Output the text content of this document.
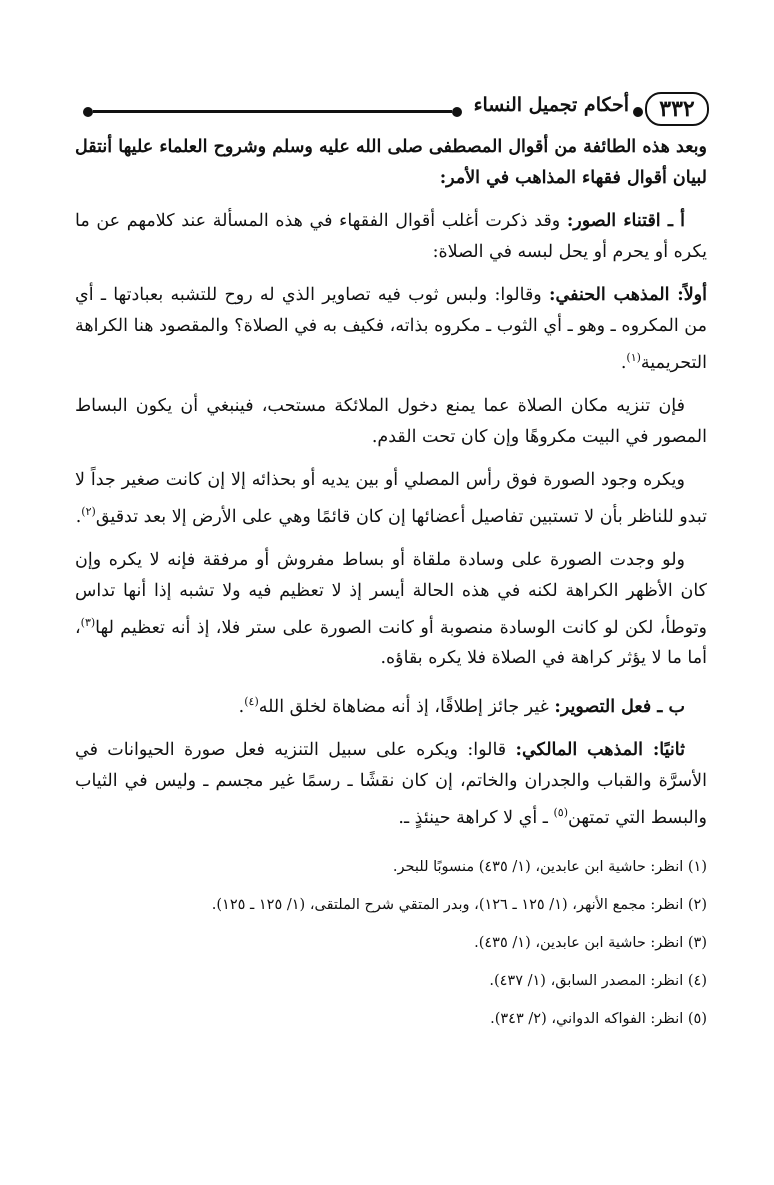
٣٣٢
أحكام تجميل النساء

وبعد هذه الطائفة من أقوال المصطفى صلى الله عليه وسلم وشروح العلماء عليها أنتقل لبيان أقوال فقهاء المذاهب في الأمر:

أ ـ اقتناء الصور: وقد ذكرت أغلب أقوال الفقهاء في هذه المسألة عند كلامهم عن ما يكره أو يحرم أو يحل لبسه في الصلاة:

أولاً: المذهب الحنفي: وقالوا: ولبس ثوب فيه تصاوير الذي له روح للتشبه بعبادتها ـ أي من المكروه ـ وهو ـ أي الثوب ـ مكروه بذاته، فكيف به في الصلاة؟ والمقصود هنا الكراهة التحريمية$^{(١)}$.

فإن تنزيه مكان الصلاة عما يمنع دخول الملائكة مستحب، فينبغي أن يكون البساط المصور في البيت مكروهًا وإن كان تحت القدم.

ويكره وجود الصورة فوق رأس المصلي أو بين يديه أو بحذائه إلا إن كانت صغير جداً لا تبدو للناظر بأن لا تستبين تفاصيل أعضائها إن كان قائمًا وهي على الأرض إلا بعد تدقيق$^{(٢)}$.

ولو وجدت الصورة على وسادة ملقاة أو بساط مفروش أو مرفقة فإنه لا يكره وإن كان الأظهر الكراهة لكنه في هذه الحالة أيسر إذ لا تعظيم فيه ولا تشبه إذا أنها تداس وتوطأ، لكن لو كانت الوسادة منصوبة أو كانت الصورة على ستر فلا، إذ أنه تعظيم لها$^{(٣)}$، أما ما لا يؤثر كراهة في الصلاة فلا يكره بقاؤه.

ب ـ فعل التصوير: غير جائز إطلاقًا، إذ أنه مضاهاة لخلق الله$^{(٤)}$.

ثانيًا: المذهب المالكي: قالوا: ويكره على سبيل التنزيه فعل صورة الحيوانات في الأسرَّة والقباب والجدران والخاتم، إن كان نقشًا ـ رسمًا غير مجسم ـ وليس في الثياب والبسط التي تمتهن$^{(٥)}$ ـ أي لا كراهة حينئذٍ ـ.

(١) انظر: حاشية ابن عابدين، (١/ ٤٣٥) منسوبًا للبحر.

(٢) انظر: مجمع الأنهر، (١/ ١٢٥ ـ ١٢٦)، وبدر المتقي شرح الملتقى، (١/ ١٢٥ ـ ١٢٥).

(٣) انظر: حاشية ابن عابدين، (١/ ٤٣٥).

(٤) انظر: المصدر السابق، (١/ ٤٣٧).

(٥) انظر: الفواكه الدواني، (٢/ ٣٤٣).
